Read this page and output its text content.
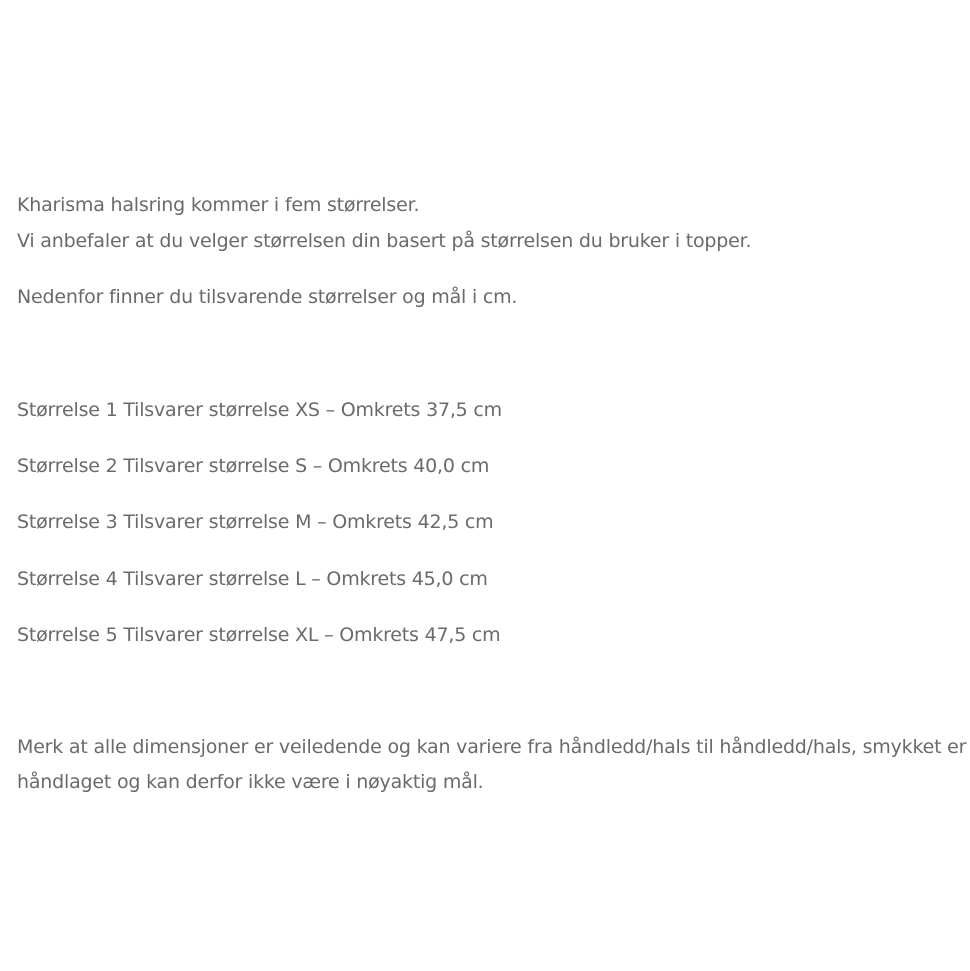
Kharisma halsring kommer i fem størrelser.
Vi anbefaler at du velger størrelsen din basert på størrelsen du bruker i topper.
Nedenfor finner du tilsvarende størrelser og mål i cm.
Størrelse 1 Tilsvarer størrelse XS – Omkrets 37,5 cm
Størrelse 2 Tilsvarer størrelse S – Omkrets 40,0 cm
Størrelse 3 Tilsvarer størrelse M – Omkrets 42,5 cm
Størrelse 4 Tilsvarer størrelse L – Omkrets 45,0 cm
Størrelse 5 Tilsvarer størrelse XL – Omkrets 47,5 cm
Merk at alle dimensjoner er veiledende og kan variere fra håndledd/hals til håndledd/hals, smykket er
håndlaget og kan derfor ikke være i nøyaktig mål.
